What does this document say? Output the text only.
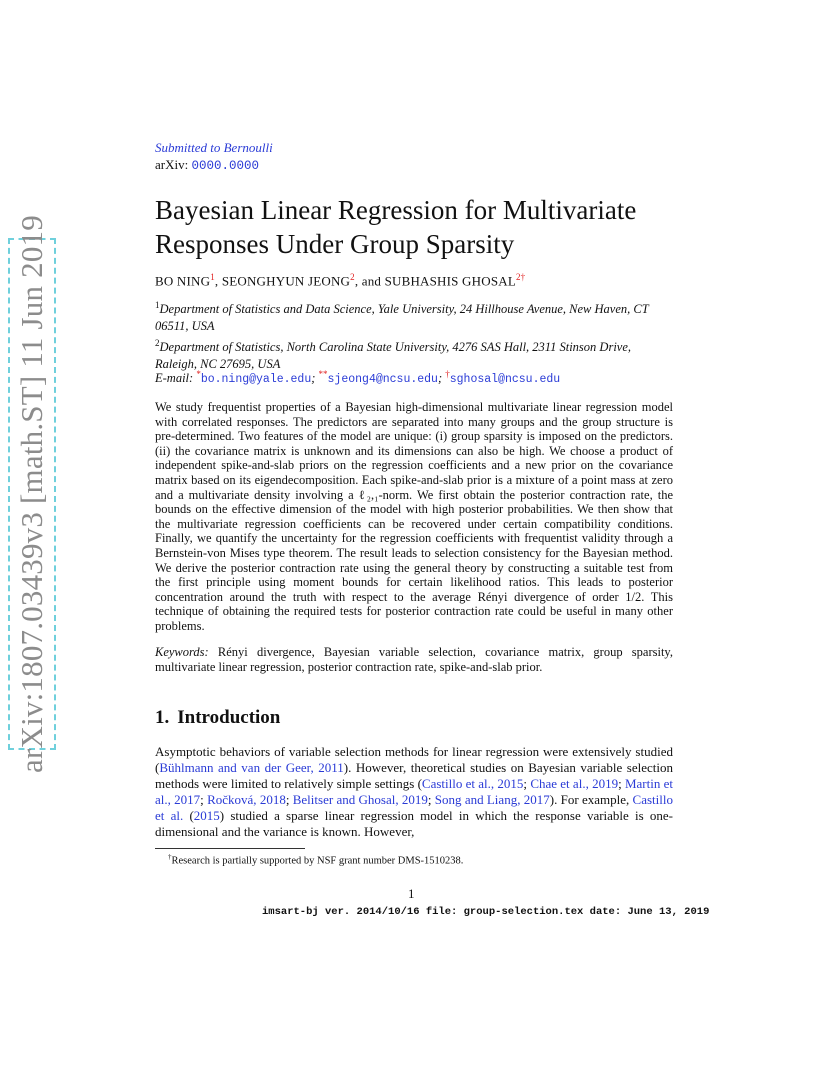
arXiv:1807.03439v3 [math.ST] 11 Jun 2019
Submitted to Bernoulli
arXiv: 0000.0000
Bayesian Linear Regression for Multivariate Responses Under Group Sparsity
BO NING$^1$, SEONGHYUN JEONG$^2$, and SUBHASHIS $GHOSAL^{2\dagger}$
$^1$Department of Statistics and Data Science, Yale University, 24 Hillhouse Avenue, New Haven, CT 06511, USA
$^2$Department of Statistics, North Carolina State University, 4276 SAS Hall, 2311 Stinson Drive, Raleigh, NC 27695, USA
E-mail: *bo.ning@yale.edu; **sjeong4@ncsu.edu; †sghosal@ncsu.edu

We study frequentist properties of a Bayesian high-dimensional multivariate linear regression model with correlated responses. The predictors are separated into many groups and the group structure is pre-determined. Two features of the model are unique: (i) group sparsity is imposed on the predictors. (ii) the covariance matrix is unknown and its dimensions can also be high. We choose a product of independent spike-and-slab priors on the regression coefficients and a new prior on the covariance matrix based on its eigendecomposition. Each spike-and-slab prior is a mixture of a point mass at zero and a multivariate density involving a ℓ₂,₁-norm. We first obtain the posterior contraction rate, the bounds on the effective dimension of the model with high posterior probabilities. We then show that the multivariate regression coefficients can be recovered under certain compatibility conditions. Finally, we quantify the uncertainty for the regression coefficients with frequentist validity through a Bernstein-von Mises type theorem. The result leads to selection consistency for the Bayesian method. We derive the posterior contraction rate using the general theory by constructing a suitable test from the first principle using moment bounds for certain likelihood ratios. This leads to posterior concentration around the truth with respect to the average Rényi divergence of order 1/2. This technique of obtaining the required tests for posterior contraction rate could be useful in many other problems.

Keywords: Rényi divergence, Bayesian variable selection, covariance matrix, group sparsity, multivariate linear regression, posterior contraction rate, spike-and-slab prior.

1. Introduction

Asymptotic behaviors of variable selection methods for linear regression were extensively studied (Bühlmann and van der Geer, 2011). However, theoretical studies on Bayesian variable selection methods were limited to relatively simple settings (Castillo et al., 2015; Chae et al., 2019; Martin et al., 2017; Ročková, 2018; Belitser and Ghosal, 2019; Song and Liang, 2017). For example, Castillo et al. (2015) studied a sparse linear regression model in which the response variable is one-dimensional and the variance is known. However,

†Research is partially supported by NSF grant number DMS-1510238.
1
imsart-bj ver. 2014/10/16 file: group-selection.tex date: June 13, 2019
